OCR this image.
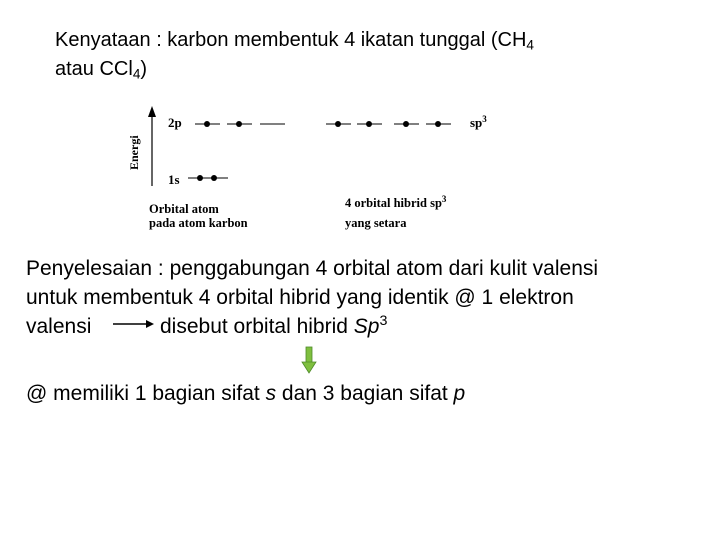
Kenyataan : karbon membentuk 4 ikatan tunggal ($CH_4$
atau CCl$_4$)
Energi
2p
1s
$sp^3$
Orbital atom
pada atom karbon
4 orbital hibrid $sp^3$
yang setara
Penyelesaian : penggabungan 4 orbital atom dari kulit valensi
untuk membentuk 4 orbital hibrid yang identik @ 1 elektron
valensi	disebut orbital hibrid Sp$^3$
@ memiliki 1 bagian sifat s dan 3 bagian sifat p
